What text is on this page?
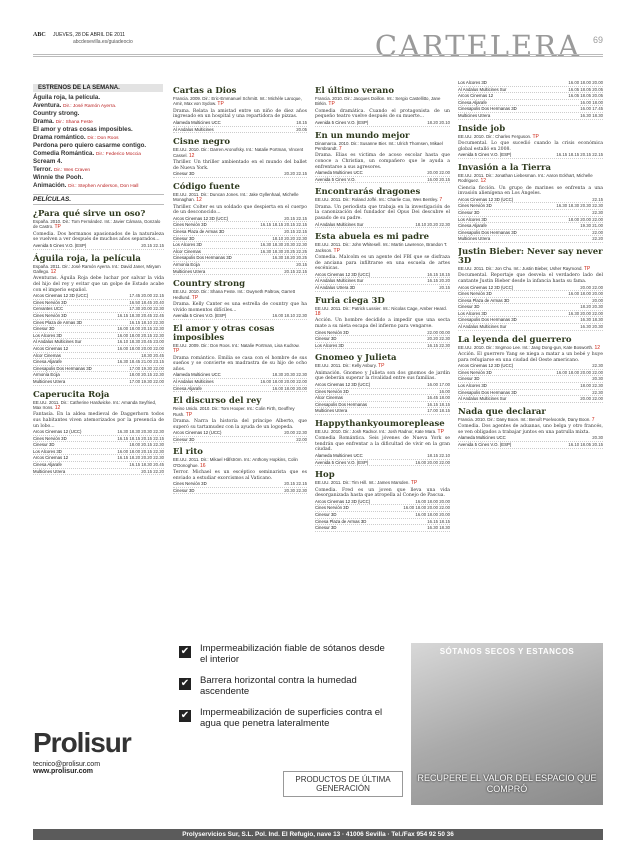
ABC JUEVES, 28 DE ABRIL DE 2011
abcdesevilla.es/guiadeocio	CARTELERA 69
ESTRENOS DE LA SEMANA.
Águila roja, la película.
Aventura. Dir.: José Ramón Ayerra.
Country strong.
Drama. Dir.: Shana Feste
El amor y otras cosas imposibles.
Drama romántico. Dir.: Don Roos
Perdona pero quiero casarme contigo.
Comedia Romántica. Dir.: Federico Moccia
Scream 4.
Terror. Dir.: Wes Craven
Winnie the Pooh.
Animación. Dir.: Stephen Anderson, Don Hall
PELÍCULAS.
¿Para qué sirve un oso?
España. 2010. Dir.: Tom Fernández. Int.: Javier Cámara, Gonzalo de Castro. TP
Comedia. Dos hermanos apasionados de la naturaleza se vuelven a ver después de muchos años separados...
Avenida 5 Cines V.O. (ESP)	20.15 22.15
Águila roja, la película
España. 2011. Dir.: José Ramón Ayerra. Int.: David Janer, Miryam Gallego. 12
Aventuras. Águila Roja debe luchar por salvar la vida del hijo del rey y evitar que un golpe de Estado acabe con el imperio español.
Arcos Cinemas 12 3D (UCC)	17.45 20.00 22.15
Cines Nervión 3D	16.50 18.45 20.40
Cervantes UCC	17.30 20.00 22.30
Cines Nervión 3D	16.15 18.30 20.45 22.45
Cines Plaza de Armas 3D	16.15 18.10 22.30
Cinesur 3D	16.00 18.00 20.15 22.30
Los Alcores 3D	16.00 18.00 20.15 22.30
Al Andalus Multicines Sur	16.10 18.30 20.45 23.00
Arcos Cinemas 12	16.00 18.00 20.00 22.00
Alcor Cinemas	18.30 20.45
Cinesa Aljarafe	16.30 18.45 21.00 23.15
Cinesapolis Dos Hermanas 3D	17.00 19.30 22.00
Armonía Ecija	18.00 20.15 22.30
Multicines Utrera	17.00 19.30 22.00
Caperucita Roja
EE.UU. 2011. Dir.: Catherine Hardwicke. Int.: Amanda Seyfried, Max Irons. 12
Fantasía. En la aldea medieval de Daggerhorn todos sus habitantes viven atemorizados por la presencia de un lobo...
Arcos Cinemas 12 (UCC)	16.30 18.30 20.30 22.30
Cines Nervión 3D	16.15 18.15 20.15 22.15
Cinesur 3D	18.00 20.15 22.30
Los Alcores 3D	16.00 18.00 20.15 22.30
Arcos Cinemas 12	16.15 18.20 20.20 22.30
Cinesa Aljarafe	16.15 18.30 20.45
Multicines Utrera	20.15 22.20
Cartas a Dios
Francia. 2009. Dir.: Eric-Emmanuel Schmitt. Int.: Michèle Laroque, Amir, Max von Sydow. TP
Drama. Relata la amistad entre un niño de diez años ingresado en un hospital y una repartidora de pizzas.
Alameda Multicines UCC	18.15
Al Andalus Multicines	20.05
Cisne negro
EE.UU. 2010. Dir.: Darren Aronofsky. Int.: Natalie Portman, Vincent Cassel. 12
Thriller. Un thriller ambientado en el mundo del ballet de Nueva York.
Cinesur 3D	20.20 22.15
Código fuente
EE.UU. 2011. Dir.: Duncan Jones. Int.: Jake Gyllenhaal, Michelle Monaghan. 12
Thriller. Colter es un soldado que despierta en el cuerpo de un desconocido...
Arcos Cinemas 12 3D (UCC)	20.15 22.15
Cines Nervión 3D	16.15 18.15 20.15 22.15
Cinesa Plaza de Armas 3D	20.15 22.15
Cinesur 3D	18.10 20.20 22.30
Los Alcores 3D	16.30 18.30 20.30 22.30
Alcor Cinemas	16.30 18.30 20.25 22.25
Cinesapolis Dos Hermanas 3D	16.30 18.20 20.25
Armonía Ecija	20.15
Multicines Utrera	20.15 22.15
Country strong
EE.UU. 2010. Dir.: Shana Feste. Int.: Gwyneth Paltrow, Garrett Hedlund. TP
Drama. Kelly Canter es una estrella de country que ha vivido momentos difíciles...
Avenida 5 Cines V.O. (ESP)	16.00 18.10 22.30
El amor y otras cosas imposibles
EE.UU. 2009. Dir.: Don Roos. Int.: Natalie Portman, Lisa Kudrow. TP
Drama romántico. Emilia se casa con el hombre de sus sueños y se convierte en madrastra de su hijo de ocho años.
Alameda Multicines UCC	18.30 20.30 22.30
Al Andalus Multicines	16.00 18.00 20.00 22.00
Cinesa Aljarafe	16.00 18.00 20.00
El discurso del rey
Reino Unido. 2010. Dir.: Tom Hooper. Int.: Colin Firth, Geoffrey Rush. TP
Drama. Narra la historia del príncipe Alberto, que superó su tartamudez con la ayuda de un logopeda.
Arcos Cinemas 12 (UCC)	20.00 22.30
Cinesur 3D	22.00
El rito
EE.UU. 2011. Dir.: Mikael Håfström. Int.: Anthony Hopkins, Colin O'Donoghue. 16
Terror. Michael es un escéptico seminarista que es enviado a estudiar exorcismos al Vaticano.
Cines Nervión 3D	20.15 22.15
Cinesur 3D	20.30 22.30
El último verano
Francia. 2010. Dir.: Jacques Doillon. Int.: Sergio Castellitto, Jane Birkin. TP
Comedia dramática. Cuando el protagonista de un pequeño teatro vuelve después de su muerte...
Avenida 5 Cines V.O. (ESP)	18.20 20.10
En un mundo mejor
Dinamarca. 2010. Dir.: Susanne Bier. Int.: Ulrich Thomsen, Mikael Persbrandt. 7
Drama. Elias es victima de acoso escolar hasta que conoce a Christian, un compañero que le ayuda a enfrentarse a sus agresores.
Alameda Multicines UCC	20.00 22.00
Avenida 5 Cines V.O.	16.00 20.15
Encontrarás dragones
EE.UU. 2011. Dir.: Roland Joffé. Int.: Charlie Cox, Wes Bentley. 7
Drama. Un periodista que trabaja en la investigación de la canonización del fundador del Opus Dei descubre el pasado de su padre.
Al Andalus Multicines Sur	18.10 20.20 22.30
Esta abuela es mi padre
EE.UU. 2011. Dir.: John Whitesell. Int.: Martin Lawrence, Brandon T. Jackson. TP
Comedia. Malcolm es un agente del FBI que se disfraza de anciana para infiltrarse en una escuela de artes escénicas.
Arcos Cinemas 12 3D (UCC)	16.15 18.15
Al Andalus Multicines Sur	16.15 20.20
Al Andalus Utrera 3D	20.15
Furia ciega 3D
EE.UU. 2011. Dir.: Patrick Lussier. Int.: Nicolas Cage, Amber Heard. 18
Acción. Un hombre decidido a impedir que una secta mate a su nieta escapa del infierno para vengarse.
Cines Nervión 3D	22.00 00.00
Cinesur 3D	20.20 22.30
Los Alcores 3D	16.15 22.30
Gnomeo y Julieta
EE.UU. 2011. Dir.: Kelly Asbury. TP
Animación. Gnomeo y Julieta son dos gnomos de jardín que deberán superar la rivalidad entre sus familias.
Arcos Cinemas 12 3D (UCC)	16.00 17.00
Cines Nervión 3D	16.00
Alcor Cinemas	16.45 18.00
Cinesapolis Dos Hermanas	16.15 18.15
Multicines Utrera	17.00 18.15
Happythankyoumoreplease
EE.UU. 2010. Dir.: Josh Radnor. Int.: Josh Radnor, Kate Mara. TP
Comedia Romántica. Seis jóvenes de Nueva York se tendrán que enfrentar a la dificultad de vivir en la gran ciudad.
Alameda Multicines UCC	18.15 22.10
Avenida 5 Cines V.O. (ESP)	16.00 20.00 22.00
Hop
EE.UU. 2011. Dir.: Tim Hill. Int.: James Marsden. TP
Comedia. Fred es un joven que lleva una vida desorganizada hasta que atropella al Conejo de Pascua.
Arcos Cinemas 12 3D (UCC)	16.00 18.00 20.00
Cines Nervión 3D	16.00 18.00 20.00 22.00
Cinesur 3D	16.00 18.00 20.00
Cinesa Plaza de Armas 3D	16.15 18.15
Cinesur 3D	16.30 18.30
Los Alcores 3D	16.00 18.00 20.00
Al Andalus Multicines Sur	16.05 18.05 20.05
Arcos Cinemas 12	16.05 18.05 20.05
Cinesa Aljarafe	16.00 18.00
Cinesapolis Dos Hermanas 3D	16.00 17.45
Multicines Utrera	16.30 18.30
Inside job
EE.UU. 2010. Dir.: Charles Ferguson. TP
Documental. Lo que sucedió cuando la crisis económica global estalló en 2008.
Avenida 5 Cines V.O. (ESP)	16.15 18.15 20.15 22.15
Invasión a la Tierra
EE.UU. 2011. Dir.: Jonathan Liebesman. Int.: Aaron Eckhart, Michelle Rodriguez. 12
Ciencia ficción. Un grupo de marines se enfrenta a una invasión alienígena en Los Ángeles.
Arcos Cinemas 12 3D (UCC)	22.15
Cines Nervión 3D	16.30 18.30 20.30 22.30
Cinesur 3D	22.30
Los Alcores 3D	18.00 20.00 22.00
Cinesa Aljarafe	19.30 21.00
Cinesapolis Dos Hermanas 3D	22.00
Multicines Utrera	22.20
Justin Bieber: Never say never 3D
EE.UU. 2011. Dir.: Jon Chu. Int.: Justin Bieber, Usher Raymond. TP
Documental. Reportaje que desvela el verdadero lado del cantante Justin Bieber desde la infancia hasta su fama.
Arcos Cinemas 12 3D (UCC)	20.00 22.00
Cines Nervión 3D	16.00 18.00 20.00
Cinesa Plaza de Armas 3D	20.00
Cinesur 3D	18.20 20.30
Los Alcores 3D	16.30 20.00 22.00
Cinesapolis Dos Hermanas 3D	16.30 18.30
Al Andalus Multicines Sur	16.30 20.30
La leyenda del guerrero
EE.UU. 2010. Dir.: Sngmoo Lee. Int.: Jang Dong-gun, Kate Bosworth. 12
Acción. El guerrero Yang se niega a matar a un bebé y huye para refugiarse en una ciudad del Oeste americano.
Arcos Cinemas 12 3D (UCC)	22.30
Cines Nervión 3D	16.00 18.00 20.00 22.00
Cinesur 3D	20.30
Los Alcores 3D	18.00 22.30
Cinesapolis Dos Hermanas 3D	22.30
Al Andalus Multicines Sur	20.00 22.00
Nada que declarar
Francia. 2010. Dir.: Dany Boon. Int.: Benoît Poelvoorde, Dany Boon. 7
Comedia. Dos agentes de aduanas, uno belga y otro francés, se ven obligados a trabajar juntos en una patrulla mixta.
Alameda Multicines UCC	20.30
Avenida 5 Cines V.O. (ESP)	16.10 18.05 20.15
✔ Impermeabilización fiable de sótanos desde el interior
✔ Barrera horizontal contra la humedad ascendente
✔ Impermeabilización de superficies contra el agua que penetra lateralmente
PRODUCTOS DE ÚLTIMA GENERACIÓN
SÓTANOS SECOS Y ESTANCOS
RECUPERE EL VALOR DEL ESPACIO QUE COMPRÓ
Prolisur
tecnico@prolisur.com
www.prolisur.com
Prolyservicios Sur, S.L. Pol. Ind. El Refugio, nave 13 · 41006 Sevilla · Tel./Fax 954 92 50 36
